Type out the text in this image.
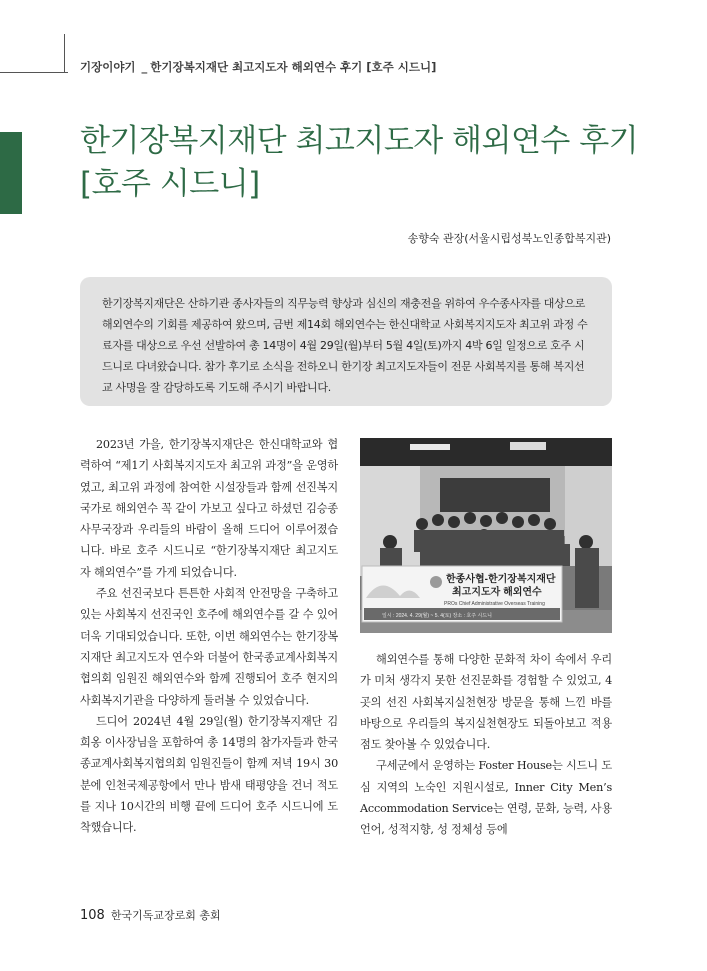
기장이야기 _ 한기장복지재단 최고지도자 해외연수 후기 [호주 시드니]
한기장복지재단 최고지도자 해외연수 후기
[호주 시드니]
송향숙 관장(서울시립성북노인종합복지관)
한기장복지재단은 산하기관 종사자들의 직무능력 향상과 심신의 재충전을 위하여 우수종사자를 대상으로 해외연수의 기회를 제공하여 왔으며, 금번 제14회 해외연수는 한신대학교 사회복지지도자 최고위 과정 수료자를 대상으로 우선 선발하여 총 14명이 4월 29일(월)부터 5월 4일(토)까지 4박 6일 일정으로 호주 시드니로 다녀왔습니다. 참가 후기로 소식을 전하오니 한기장 최고지도자들이 전문 사회복지를 통해 복지선교 사명을 잘 감당하도록 기도해 주시기 바랍니다.

2023년 가을, 한기장복지재단은 한신대학교와 협력하여 “제1기 사회복지지도자 최고위 과정”을 운영하였고, 최고위 과정에 참여한 시설장들과 함께 선진복지국가로 해외연수 꼭 같이 가보고 싶다고 하셨던 김승종 사무국장과 우리들의 바람이 올해 드디어 이루어졌습니다. 바로 호주 시드니로 “한기장복지재단 최고지도자 해외연수”를 가게 되었습니다.

주요 선진국보다 튼튼한 사회적 안전망을 구축하고 있는 사회복지 선진국인 호주에 해외연수를 갈 수 있어 더욱 기대되었습니다. 또한, 이번 해외연수는 한기장복지재단 최고지도자 연수와 더불어 한국종교계사회복지협의회 임원진 해외연수와 함께 진행되어 호주 현지의 사회복지기관을 다양하게 둘러볼 수 있었습니다.

드디어 2024년 4월 29일(월) 한기장복지재단 김희옹 이사장님을 포함하여 총 14명의 참가자들과 한국종교계사회복지협의회 임원진들이 함께 저녁 19시 30분에 인천국제공항에서 만나 밤새 태평양을 건너 적도를 지나 10시간의 비행 끝에 드디어 호주 시드니에 도착했습니다.

한종사협-한기장복지재단
최고지도자 해외연수
PROs Chief Administrative Overseas Training
일시 : 2024. 4. 29(월) ~ 5. 4(토) 장소 : 호주 시드니

해외연수를 통해 다양한 문화적 차이 속에서 우리가 미처 생각지 못한 선진문화를 경험할 수 있었고, 4곳의 선진 사회복지실천현장 방문을 통해 느낀 바를 바탕으로 우리들의 복지실천현장도 되돌아보고 적용점도 찾아볼 수 있었습니다.

구세군에서 운영하는 Foster House는 시드니 도심 지역의 노숙인 지원시설로, Inner City Men’s Accommodation Service는 연령, 문화, 능력, 사용언어, 성적지향, 성 정체성 등에

108 한국기독교장로회 총회
